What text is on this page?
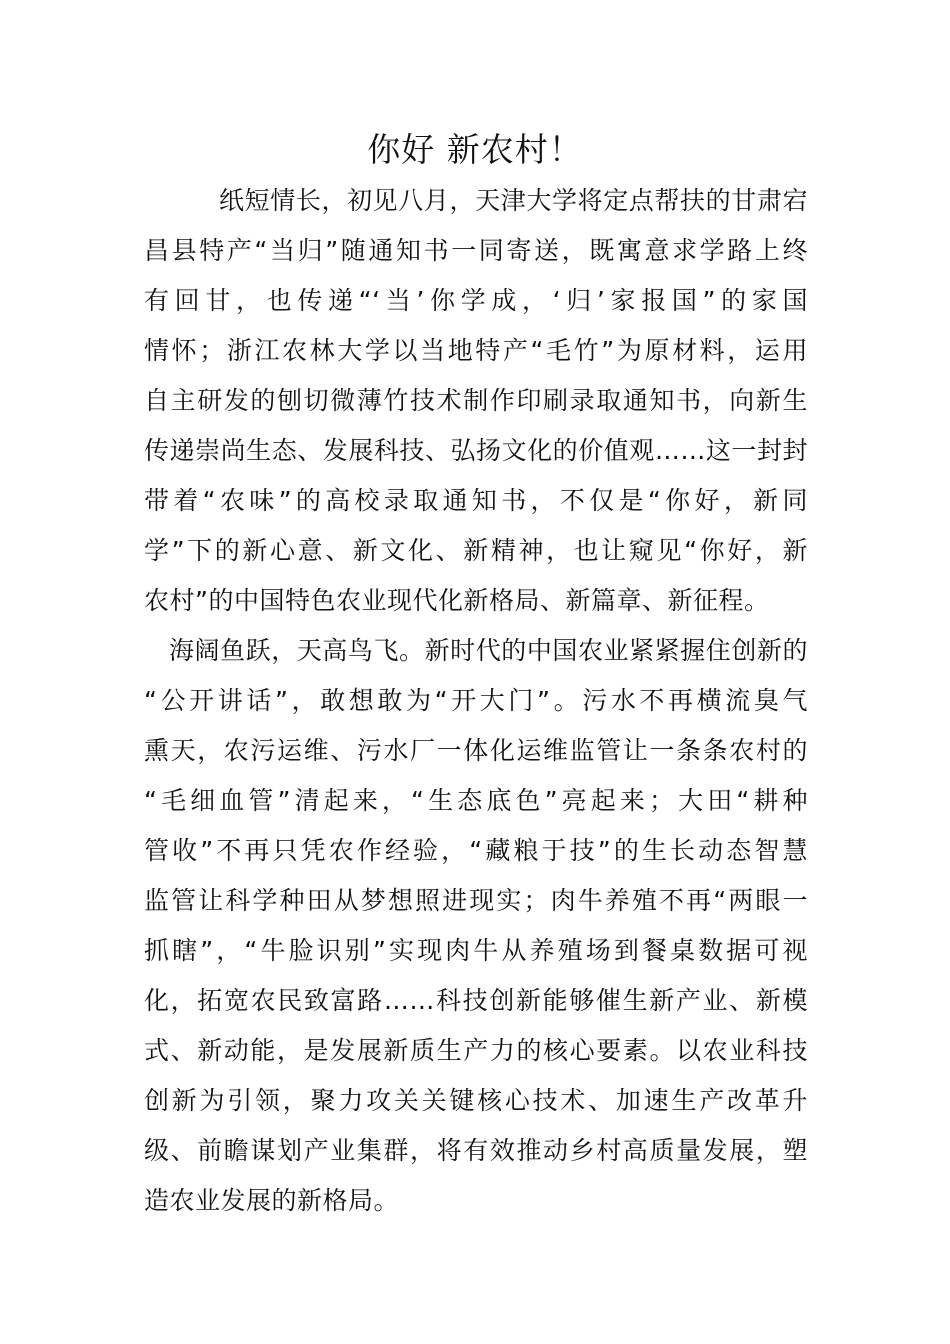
你好 新农村！
纸短情长，初见八月，天津大学将定点帮扶的甘肃宕
昌县特产“当归”随通知书一同寄送，既寓意求学路上终
有回甘，也传递“‘当’你学成，‘归’家报国”的家国
情怀；浙江农林大学以当地特产“毛竹”为原材料，运用
自主研发的刨切微薄竹技术制作印刷录取通知书，向新生
传递崇尚生态、发展科技、弘扬文化的价值观……这一封封
带着“农味”的高校录取通知书，不仅是“你好，新同
学”下的新心意、新文化、新精神，也让窥见“你好，新
农村”的中国特色农业现代化新格局、新篇章、新征程。
海阔鱼跃，天高鸟飞。新时代的中国农业紧紧握住创新的
“公开讲话”，敢想敢为“开大门”。污水不再横流臭气
熏天，农污运维、污水厂一体化运维监管让一条条农村的
“毛细血管”清起来，“生态底色”亮起来；大田“耕种
管收”不再只凭农作经验，“藏粮于技”的生长动态智慧
监管让科学种田从梦想照进现实；肉牛养殖不再“两眼一
抓瞎”，“牛脸识别”实现肉牛从养殖场到餐桌数据可视
化，拓宽农民致富路……科技创新能够催生新产业、新模
式、新动能，是发展新质生产力的核心要素。以农业科技
创新为引领，聚力攻关关键核心技术、加速生产改革升
级、前瞻谋划产业集群，将有效推动乡村高质量发展，塑
造农业发展的新格局。
